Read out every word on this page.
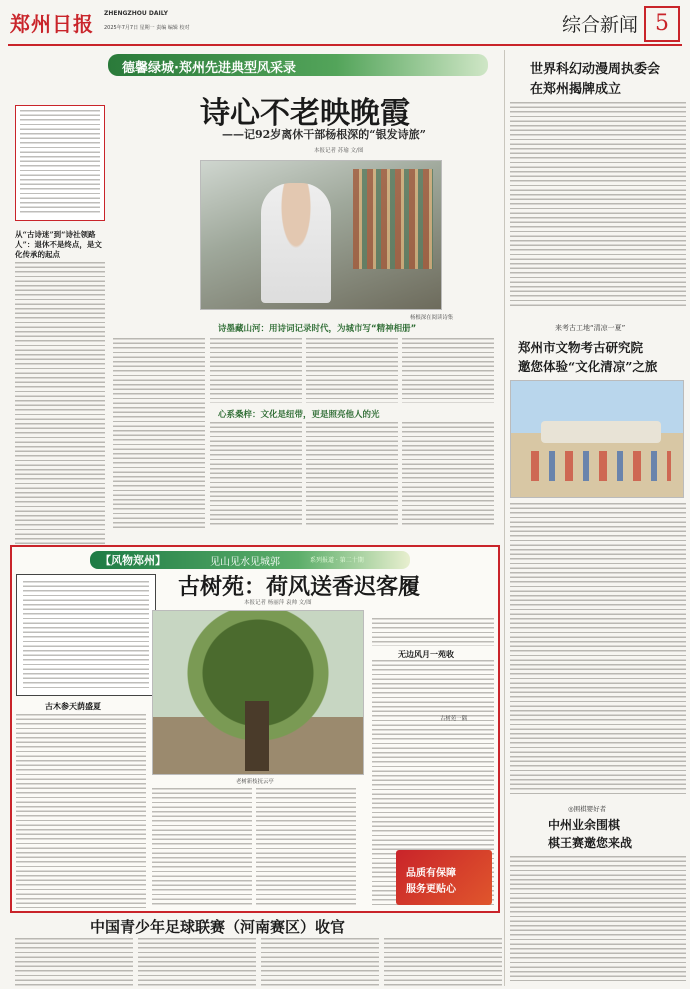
郑州日报 ZHENGZHOU DAILY
2025年7月7日 星期一 责编 编辑 校对	综合新闻 5
德馨绿城·郑州先进典型风采录
诗心不老映晚霞
——记92岁离休干部杨根深的“银发诗旅”
本报记者 苏瑜 文/图
从“古诗迷”到“诗社领路人”：退休不是终点，是文化传承的起点
杨根深在阅读诗集
诗墨藏山河：用诗词记录时代，为城市写“精神相册”
心系桑梓：文化是纽带，更是照亮他人的光
世界科幻动漫周执委会
在郑州揭牌成立
来考古工地“清凉一夏”
郑州市文物考古研究院
邀您体验“文化清凉”之旅
◎围棋婴好者
中州业余围棋
棋王赛邀您来战
【风物郑州】	见山见水见城郭	系列报道 · 第二十期
古树苑：荷风送香迟客履
本报记者 杨丽萍 袁帅 文/图
古木参天荫盛夏
老树新枝抚云亭
无边风月一苑收
古树苑一隅
品质有保障
服务更贴心
中国青少年足球联赛（河南赛区）收官
